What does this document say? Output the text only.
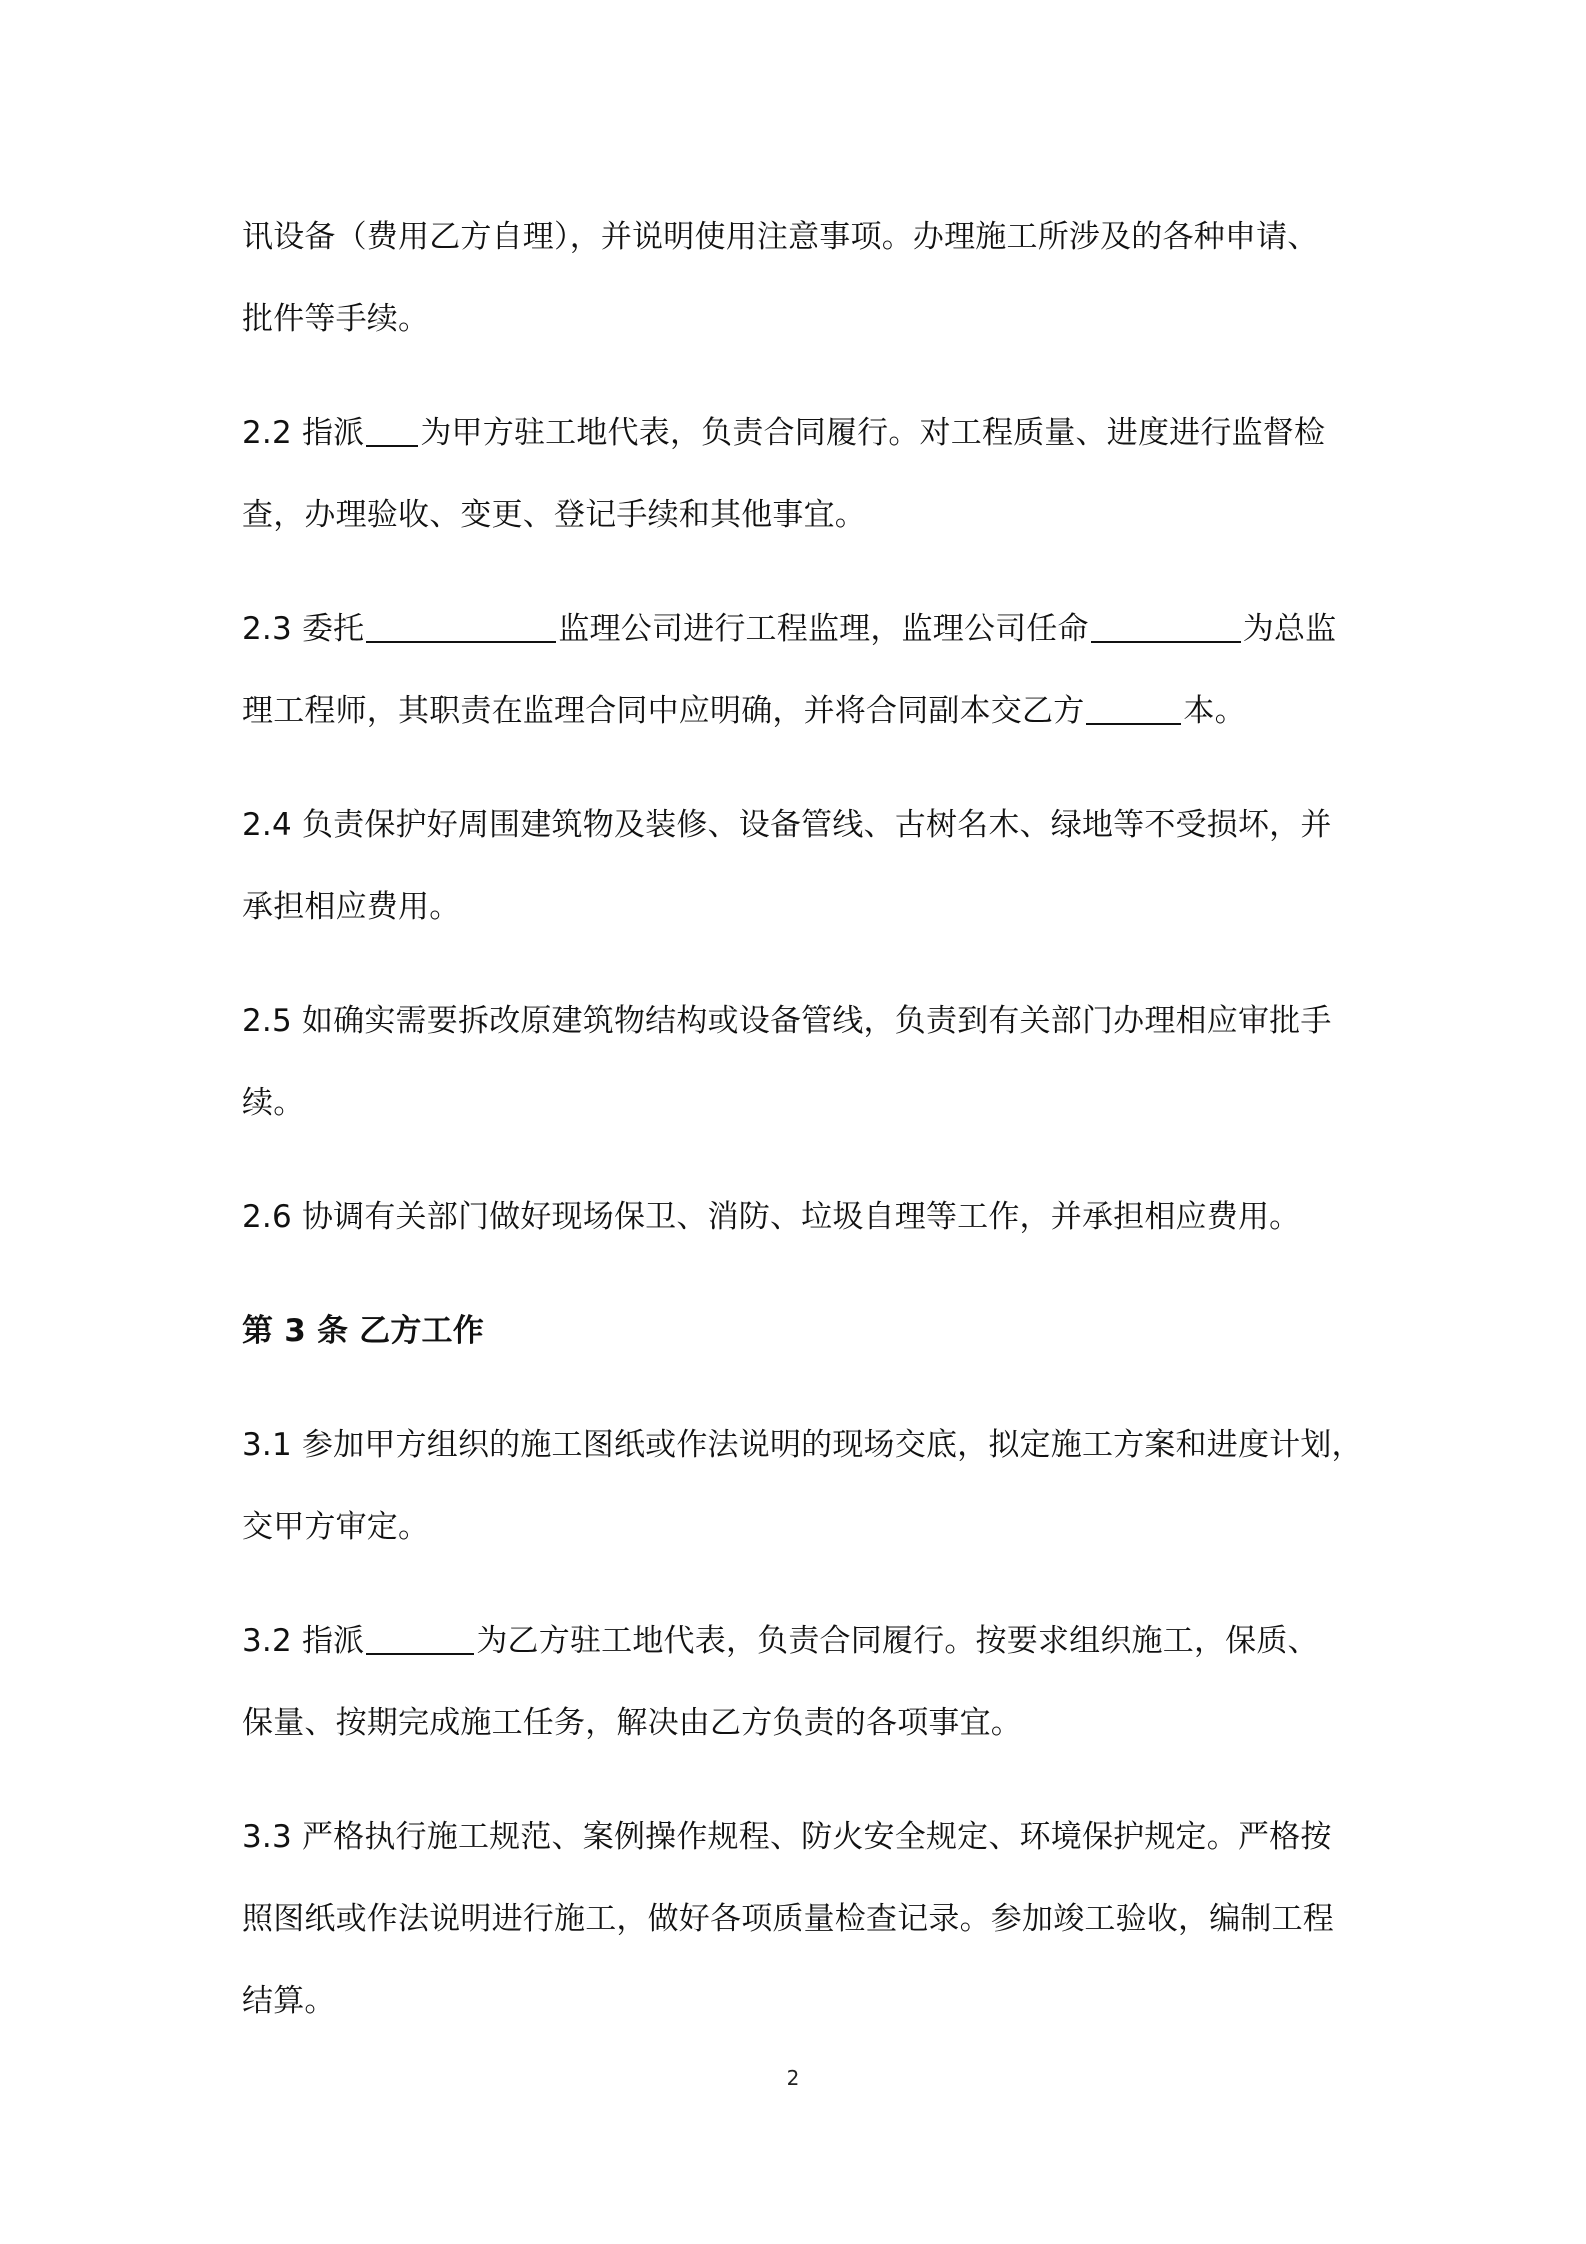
讯设备（费用乙方自理），并说明使用注意事项。办理施工所涉及的各种申请、
批件等手续。
2.2 指派 为甲方驻工地代表，负责合同履行。对工程质量、进度进行监督检
查，办理验收、变更、登记手续和其他事宜。
2.3 委托	监理公司进行工程监理，监理公司任命	为总监
理工程师，其职责在监理合同中应明确，并将合同副本交乙方	本。
2.4 负责保护好周围建筑物及装修、设备管线、古树名木、绿地等不受损坏，并
承担相应费用。
2.5 如确实需要拆改原建筑物结构或设备管线，负责到有关部门办理相应审批手
续。
2.6 协调有关部门做好现场保卫、消防、垃圾自理等工作，并承担相应费用。
第 3 条 乙方工作
3.1 参加甲方组织的施工图纸或作法说明的现场交底，拟定施工方案和进度计划，
交甲方审定。
3.2 指派	为乙方驻工地代表，负责合同履行。按要求组织施工，保质、
保量、按期完成施工任务，解决由乙方负责的各项事宜。
3.3 严格执行施工规范、案例操作规程、防火安全规定、环境保护规定。严格按
照图纸或作法说明进行施工，做好各项质量检查记录。参加竣工验收，编制工程
结算。
2
